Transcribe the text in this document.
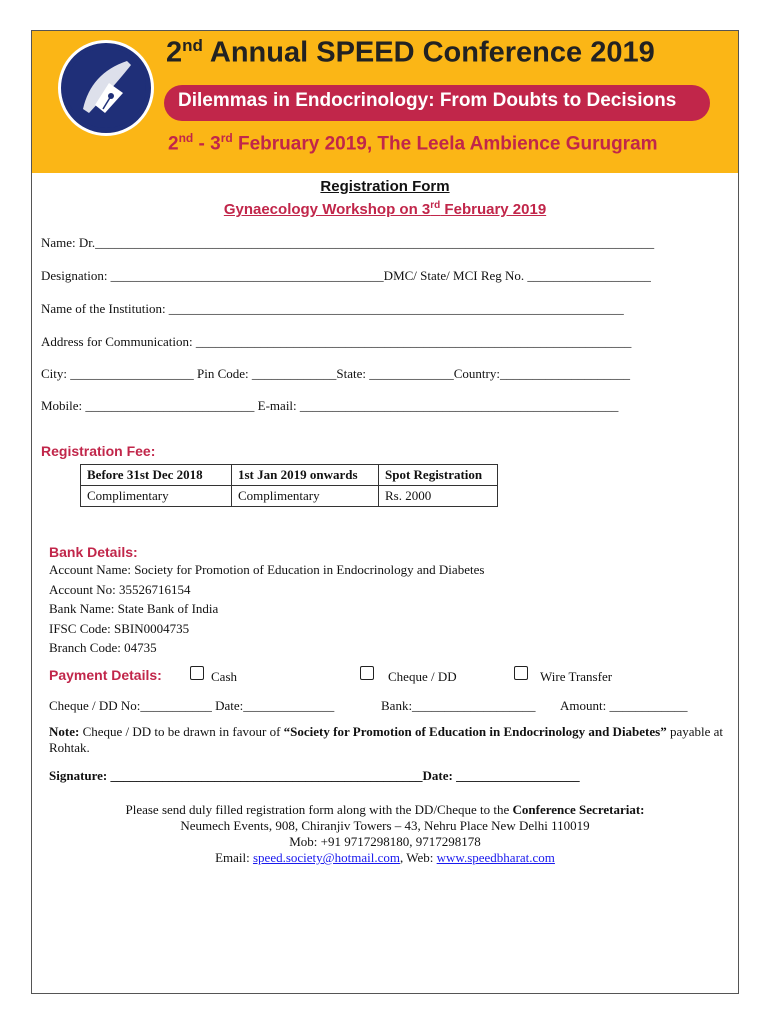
2nd Annual SPEED Conference 2019
Dilemmas in Endocrinology: From Doubts to Decisions
2nd - 3rd February 2019, The Leela Ambience Gurugram
Registration Form
Gynaecology Workshop on 3rd February 2019
Name: Dr.______________________________________________________________________________________
Designation: __________________________________________DMC/ State/ MCI Reg No. ___________________
Name of the Institution: ______________________________________________________________________
Address for Communication: ___________________________________________________________________
City: ___________________ Pin Code: _____________State: _____________Country:____________________
Mobile: __________________________ E-mail: _________________________________________________
Registration Fee:
Before 31st Dec 2018	1st Jan 2019 onwards	Spot Registration
Complimentary	Complimentary	Rs. 2000
Bank Details:
Account Name: Society for Promotion of Education in Endocrinology and Diabetes
Account No: 35526716154
Bank Name: State Bank of India
IFSC Code: SBIN0004735
Branch Code: 04735
Payment Details:	Cash	Cheque / DD	Wire Transfer
Cheque / DD No:___________ Date:______________	Bank:___________________ Amount: ____________
Note: Cheque / DD to be drawn in favour of “Society for Promotion of Education in Endocrinology and Diabetes” payable at Rohtak.
Signature: ________________________________________________Date: ___________________
Please send duly filled registration form along with the DD/Cheque to the Conference Secretariat:
Neumech Events, 908, Chiranjiv Towers – 43, Nehru Place New Delhi 110019
Mob: +91 9717298180, 9717298178
Email: speed.society@hotmail.com, Web: www.speedbharat.com
